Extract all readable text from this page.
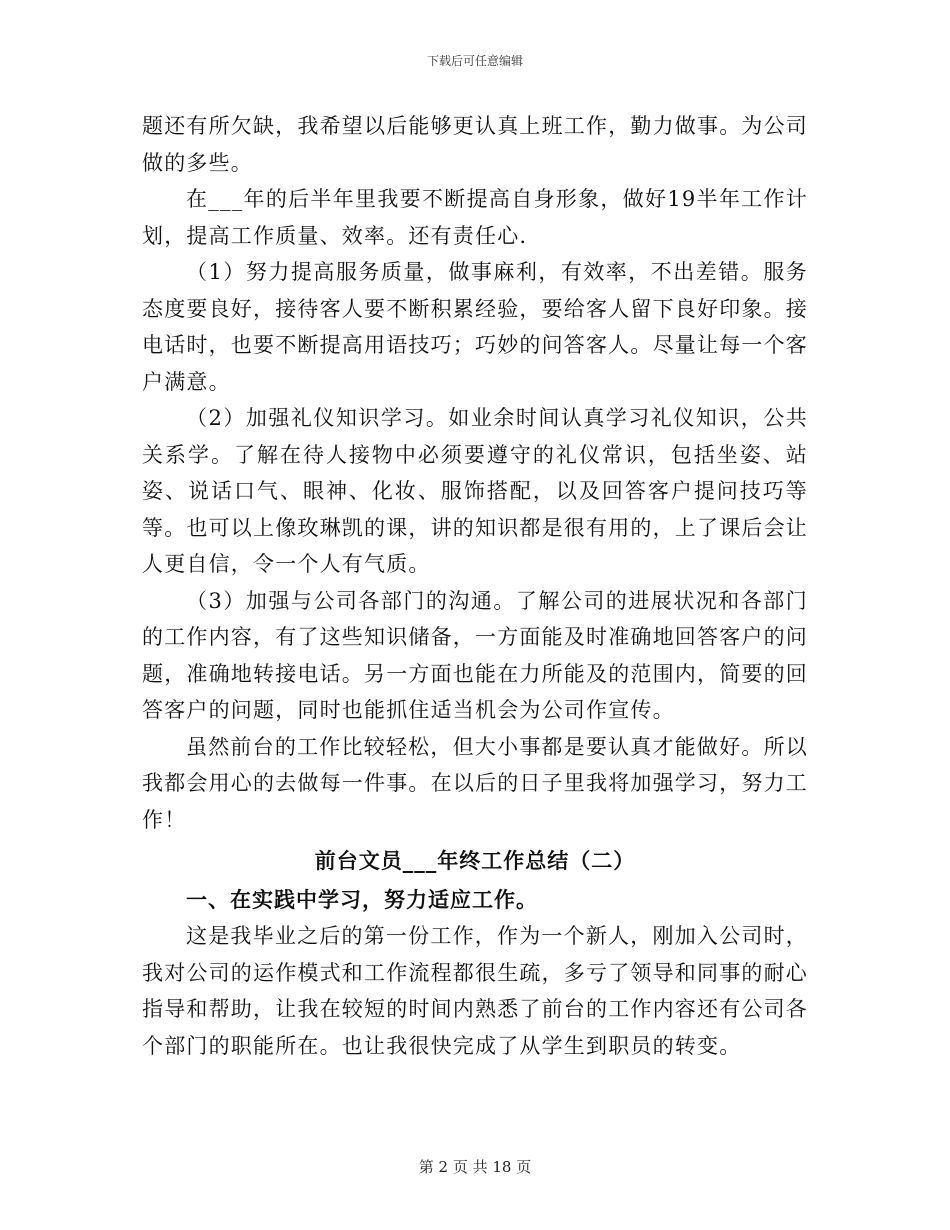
下载后可任意编辑

题还有所欠缺，我希望以后能够更认真上班工作，勤力做事。为公司做的多些。

在___年的后半年里我要不断提高自身形象，做好19半年工作计划，提高工作质量、效率。还有责任心.

（1）努力提高服务质量，做事麻利，有效率，不出差错。服务态度要良好，接待客人要不断积累经验，要给客人留下良好印象。接电话时，也要不断提高用语技巧；巧妙的问答客人。尽量让每一个客户满意。

（2）加强礼仪知识学习。如业余时间认真学习礼仪知识，公共关系学。了解在待人接物中必须要遵守的礼仪常识，包括坐姿、站姿、说话口气、眼神、化妆、服饰搭配，以及回答客户提问技巧等等。也可以上像玫琳凯的课，讲的知识都是很有用的，上了课后会让人更自信，令一个人有气质。

（3）加强与公司各部门的沟通。了解公司的进展状况和各部门的工作内容，有了这些知识储备，一方面能及时准确地回答客户的问题，准确地转接电话。另一方面也能在力所能及的范围内，简要的回答客户的问题，同时也能抓住适当机会为公司作宣传。

虽然前台的工作比较轻松，但大小事都是要认真才能做好。所以我都会用心的去做每一件事。在以后的日子里我将加强学习，努力工作！

前台文员___年终工作总结（二）
一、在实践中学习，努力适应工作。

这是我毕业之后的第一份工作，作为一个新人，刚加入公司时，我对公司的运作模式和工作流程都很生疏，多亏了领导和同事的耐心指导和帮助，让我在较短的时间内熟悉了前台的工作内容还有公司各个部门的职能所在。也让我很快完成了从学生到职员的转变。

第 2 页 共 18 页
